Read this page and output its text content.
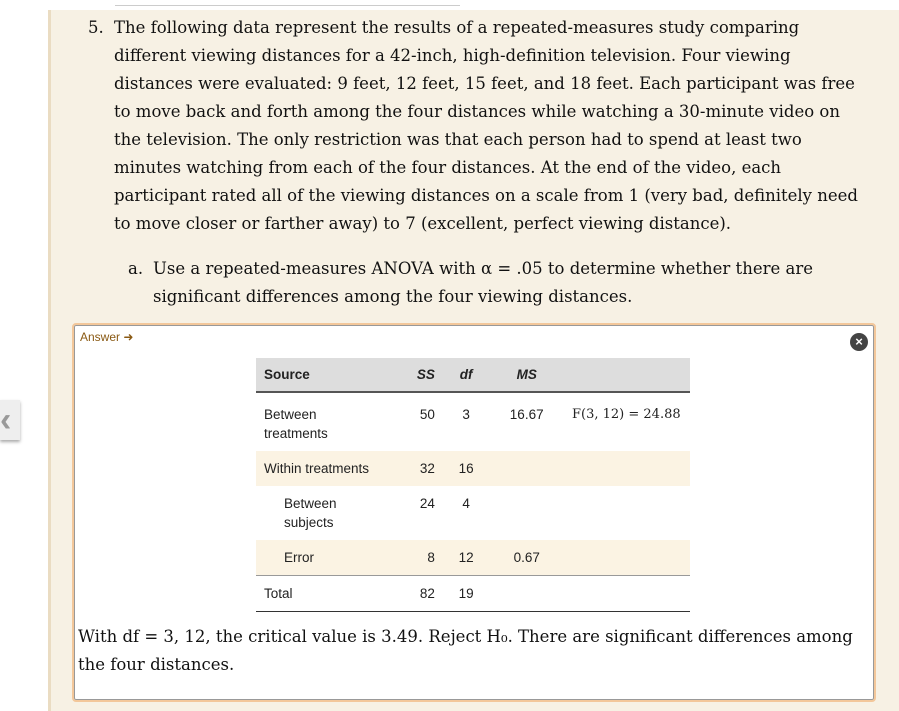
‹
5. The following data represent the results of a repeated-measures study comparing different viewing distances for a 42-inch, high-definition television. Four viewing distances were evaluated: 9 feet, 12 feet, 15 feet, and 18 feet. Each participant was free to move back and forth among the four distances while watching a 30-minute video on the television. The only restriction was that each person had to spend at least two minutes watching from each of the four distances. At the end of the video, each participant rated all of the viewing distances on a scale from 1 (very bad, definitely need to move closer or farther away) to 7 (excellent, perfect viewing distance).
a. Use a repeated-measures ANOVA with α = .05 to determine whether there are significant differences among the four viewing distances.
Answer ➜	×
Source	SS	df	MS	
Between treatments	50	3	16.67	F(3, 12) = 24.88
Within treatments	32	16		
Between subjects	24	4		
Error	8	12	0.67	
Total	82	19		
With df = 3, 12, the critical value is 3.49. Reject H₀. There are significant differences among the four distances.
